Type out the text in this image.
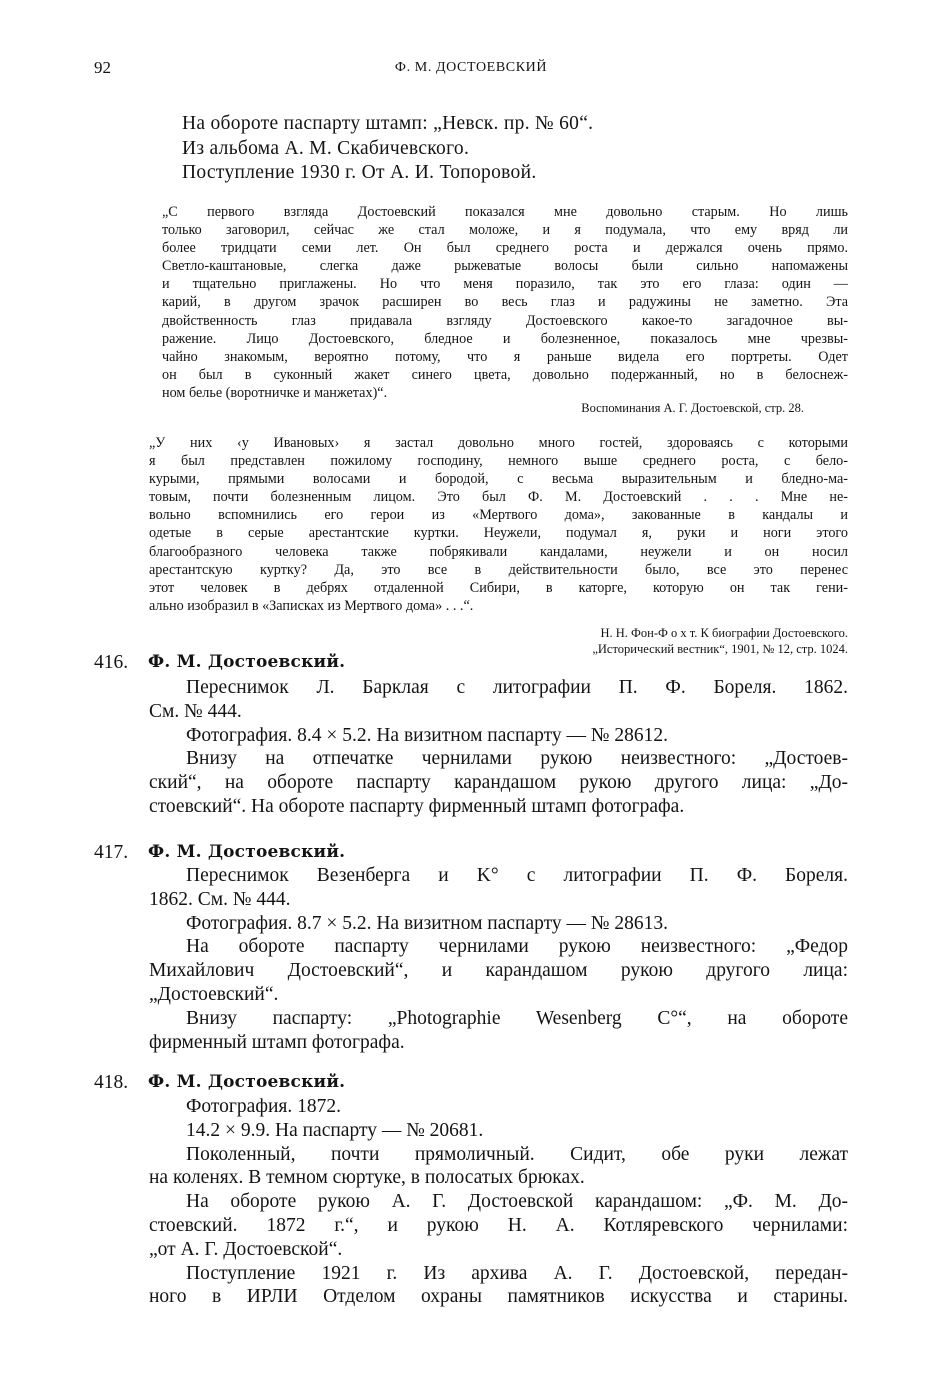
92	Ф. М. ДОСТОЕВСКИЙ
На обороте паспарту штамп: „Невск. пр. № 60“.
Из альбома А. М. Скабичевского.
Поступление 1930 г. От А. И. Топоровой.
„С первого взгляда Достоевский показался мне довольно старым. Но лишь
только заговорил, сейчас же стал моложе, и я подумала, что ему вряд ли
более тридцати семи лет. Он был среднего роста и держался очень прямо.
Светло-каштановые, слегка даже рыжеватые волосы были сильно напомажены
и тщательно приглажены. Но что меня поразило, так это его глаза: один —
карий, в другом зрачок расширен во весь глаз и радужины не заметно. Эта
двойственность глаз придавала взгляду Достоевского какое-то загадочное вы-
ражение. Лицо Достоевского, бледное и болезненное, показалось мне чрезвы-
чайно знакомым, вероятно потому, что я раньше видела его портреты. Одет
он был в суконный жакет синего цвета, довольно подержанный, но в белоснеж-
ном белье (воротничке и манжетах)“.
Воспоминания А. Г. Достоевской, стр. 28.
„У них ‹у Ивановых› я застал довольно много гостей, здороваясь с которыми
я был представлен пожилому господину, немного выше среднего роста, с бело-
курыми, прямыми волосами и бородой, с весьма выразительным и бледно-ма-
товым, почти болезненным лицом. Это был Ф. М. Достоевский . . . Мне не-
вольно вспомнились его герои из «Мертвого дома», закованные в кандалы и
одетые в серые арестантские куртки. Неужели, подумал я, руки и ноги этого
благообразного человека также побрякивали кандалами, неужели и он носил
арестантскую куртку? Да, это все в действительности было, все это перенес
этот человек в дебрях отдаленной Сибири, в каторге, которую он так гени-
ально изобразил в «Записках из Мертвого дома» . . .“.
Н. Н. Фон-Ф о х т. К биографии Достоевского.
„Исторический вестник“, 1901, № 12, стр. 1024.
416. Ф. М. Достоевский.
Переснимок Л. Барклая с литографии П. Ф. Бореля. 1862.
См. № 444.
Фотография. 8.4 × 5.2. На визитном паспарту — № 28612.
Внизу на отпечатке чернилами рукою неизвестного: „Достоев-
ский“, на обороте паспарту карандашом рукою другого лица: „До-
стоевский“. На обороте паспарту фирменный штамп фотографа.
417. Ф. М. Достоевский.
Переснимок Везенберга и K° с литографии П. Ф. Бореля.
1862. См. № 444.
Фотография. 8.7 × 5.2. На визитном паспарту — № 28613.
На обороте паспарту чернилами рукою неизвестного: „Федор
Михайлович Достоевский“, и карандашом рукою другого лица:
„Достоевский“.
Внизу паспарту: „Photographie Wesenberg C°“, на обороте
фирменный штамп фотографа.
418. Ф. М. Достоевский.
Фотография. 1872.
14.2 × 9.9. На паспарту — № 20681.
Поколенный, почти прямоличный. Сидит, обе руки лежат
на коленях. В темном сюртуке, в полосатых брюках.
На обороте рукою А. Г. Достоевской карандашом: „Ф. М. До-
стоевский. 1872 г.“, и рукою Н. А. Котляревского чернилами:
„от А. Г. Достоевской“.
Поступление 1921 г. Из архива А. Г. Достоевской, передан-
ного в ИРЛИ Отделом охраны памятников искусства и старины.
